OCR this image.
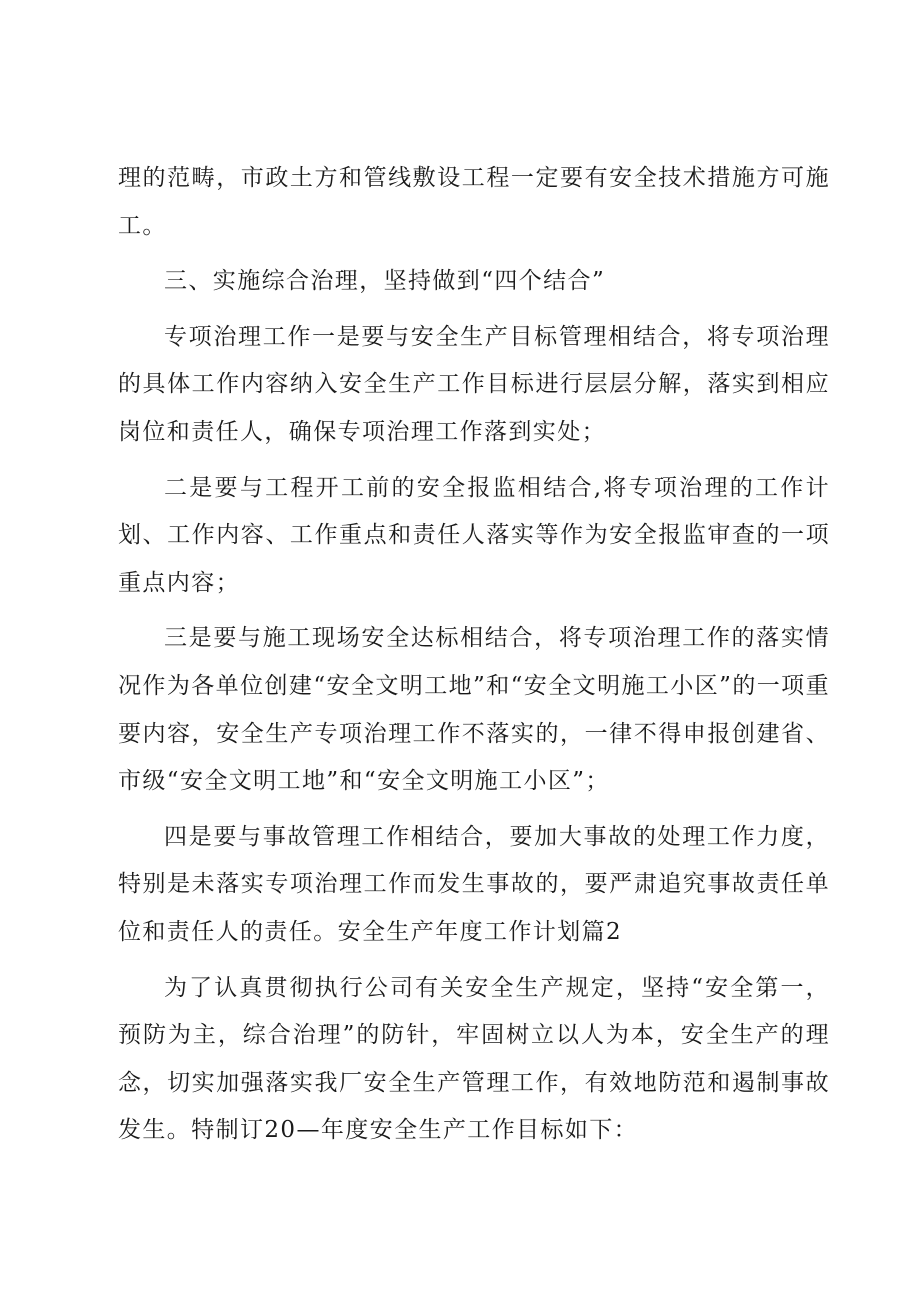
理的范畴，市政土方和管线敷设工程一定要有安全技术措施方可施工。

三、实施综合治理，坚持做到“四个结合”

专项治理工作一是要与安全生产目标管理相结合，将专项治理的具体工作内容纳入安全生产工作目标进行层层分解，落实到相应岗位和责任人，确保专项治理工作落到实处；

二是要与工程开工前的安全报监相结合,将专项治理的工作计划、工作内容、工作重点和责任人落实等作为安全报监审查的一项重点内容；

三是要与施工现场安全达标相结合，将专项治理工作的落实情况作为各单位创建“安全文明工地”和“安全文明施工小区”的一项重要内容，安全生产专项治理工作不落实的，一律不得申报创建省、市级“安全文明工地”和“安全文明施工小区”；

四是要与事故管理工作相结合，要加大事故的处理工作力度，特别是未落实专项治理工作而发生事故的，要严肃追究事故责任单位和责任人的责任。安全生产年度工作计划篇2

为了认真贯彻执行公司有关安全生产规定，坚持“安全第一，预防为主，综合治理”的防针，牢固树立以人为本，安全生产的理念，切实加强落实我厂安全生产管理工作，有效地防范和遏制事故发生。特制订20—年度安全生产工作目标如下：
